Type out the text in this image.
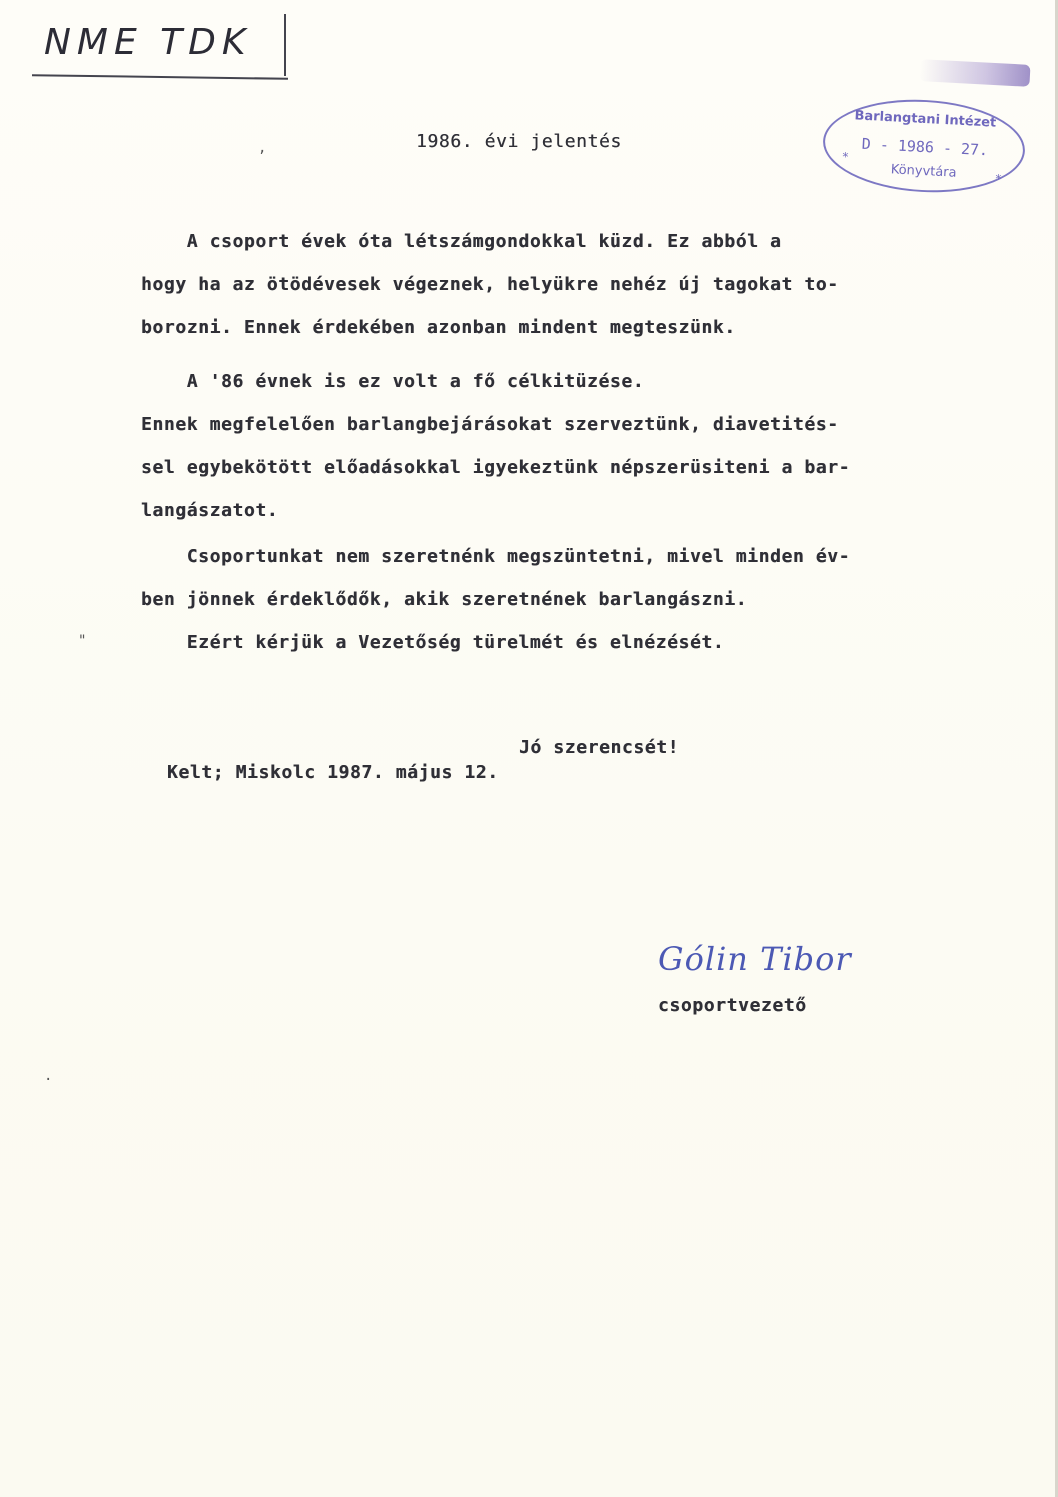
NME TDK
Barlangtani Intézet
D - 1986 - 27.
Könyvtára
*
*
,	1986. évi jelentés
A csoport évek óta létszámgondokkal küzd. Ez abból a
hogy ha az ötödévesek végeznek, helyükre nehéz új tagokat to-
borozni. Ennek érdekében azonban mindent megteszünk.
A '86 évnek is ez volt a fő célkitüzése.
Ennek megfelelően barlangbejárásokat szerveztünk, diavetités-
sel egybekötött előadásokkal igyekeztünk népszerüsiteni a bar-
langászatot.
Csoportunkat nem szeretnénk megszüntetni, mivel minden év-
ben jönnek érdeklődők, akik szeretnének barlangászni.
Ezért kérjük a Vezetőség türelmét és elnézését.
"
Jó szerencsét!
Kelt; Miskolc 1987. május 12.
Gólin Tibor
csoportvezető
·
